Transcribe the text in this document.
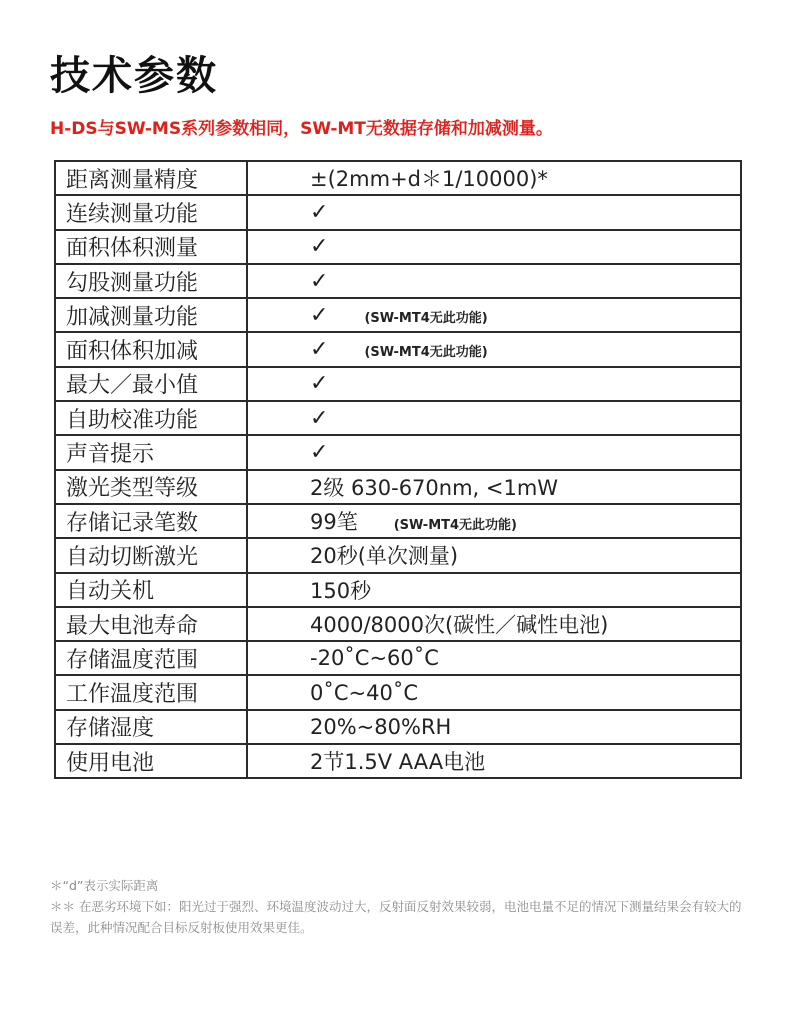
技术参数
H-DS与SW-MS系列参数相同，SW-MT无数据存储和加减测量。
距离测量精度	±(2mm+d＊1/10000)*
连续测量功能	✓
面积体积测量	✓
勾股测量功能	✓
加减测量功能	✓ (SW-MT4无此功能)
面积体积加减	✓ (SW-MT4无此功能)
最大／最小值	✓
自助校准功能	✓
声音提示	✓
激光类型等级	2级 630-670nm, <1mW
存储记录笔数	99笔 (SW-MT4无此功能)
自动切断激光	20秒(单次测量)
自动关机	150秒
最大电池寿命	4000/8000次(碳性／碱性电池)
存储温度范围	-20˚C~60˚C
工作温度范围	0˚C~40˚C
存储湿度	20%~80%RH
使用电池	2节1.5V AAA电池
＊“d”表示实际距离
＊＊ 在恶劣环境下如：阳光过于强烈、环境温度波动过大，反射面反射效果较弱，电池电量不足的情况下测量结果会有较大的误差，此种情况配合目标反射板使用效果更佳。
